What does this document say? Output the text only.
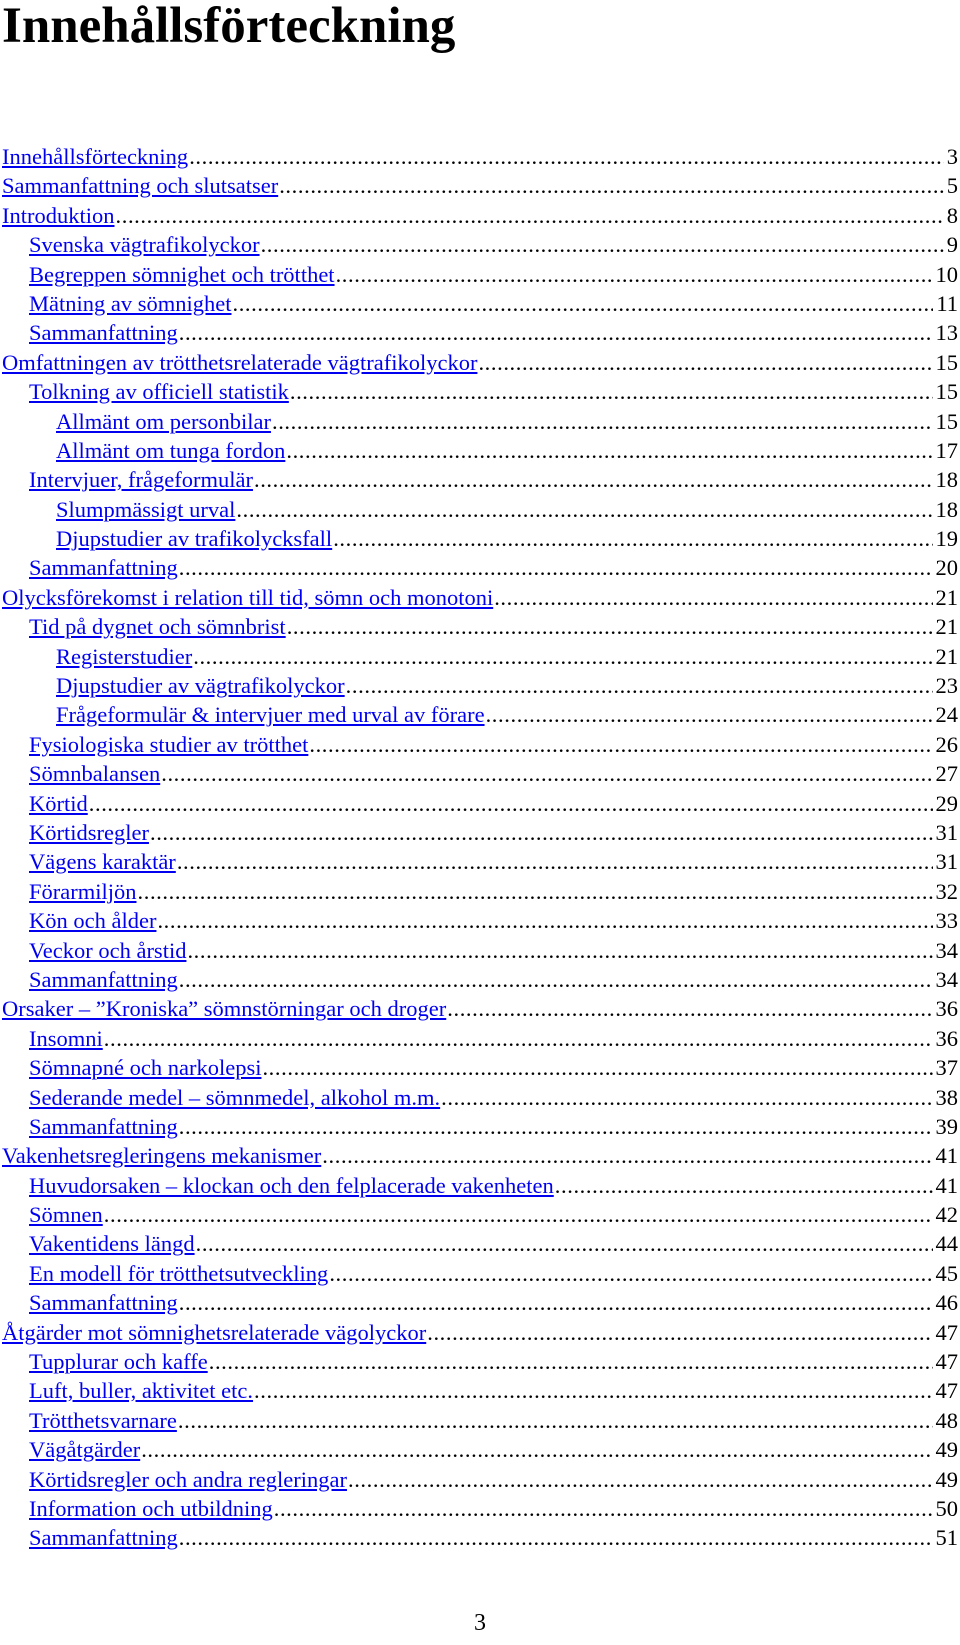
Innehållsförteckning
Innehållsförteckning .....	3
Sammanfattning och slutsatser .....	5
Introduktion .....	8
Svenska vägtrafikolyckor .....	9
Begreppen sömnighet och trötthet .....	10
Mätning av sömnighet .....	11
Sammanfattning .....	13
Omfattningen av trötthetsrelaterade vägtrafikolyckor .....	15
Tolkning av officiell statistik .....	15
Allmänt om personbilar .....	15
Allmänt om tunga fordon .....	17
Intervjuer, frågeformulär .....	18
Slumpmässigt urval .....	18
Djupstudier av trafikolycksfall .....	19
Sammanfattning .....	20
Olycksförekomst i relation till tid, sömn och monotoni .....	21
Tid på dygnet och sömnbrist .....	21
Registerstudier .....	21
Djupstudier av vägtrafikolyckor .....	23
Frågeformulär & intervjuer med urval av förare .....	24
Fysiologiska studier av trötthet .....	26
Sömnbalansen .....	27
Körtid .....	29
Körtidsregler .....	31
Vägens karaktär .....	31
Förarmiljön .....	32
Kön och ålder .....	33
Veckor och årstid .....	34
Sammanfattning .....	34
Orsaker – ”Kroniska” sömnstörningar och droger .....	36
Insomni .....	36
Sömnapné och narkolepsi .....	37
Sederande medel – sömnmedel, alkohol m.m. .....	38
Sammanfattning .....	39
Vakenhetsregleringens mekanismer .....	41
Huvudorsaken – klockan och den felplacerade vakenheten .....	41
Sömnen .....	42
Vakentidens längd .....	44
En modell för trötthetsutveckling .....	45
Sammanfattning .....	46
Åtgärder mot sömnighetsrelaterade vägolyckor .....	47
Tupplurar och kaffe .....	47
Luft, buller, aktivitet etc. .....	47
Trötthetsvarnare .....	48
Vägåtgärder .....	49
Körtidsregler och andra regleringar .....	49
Information och utbildning .....	50
Sammanfattning .....	51
3
